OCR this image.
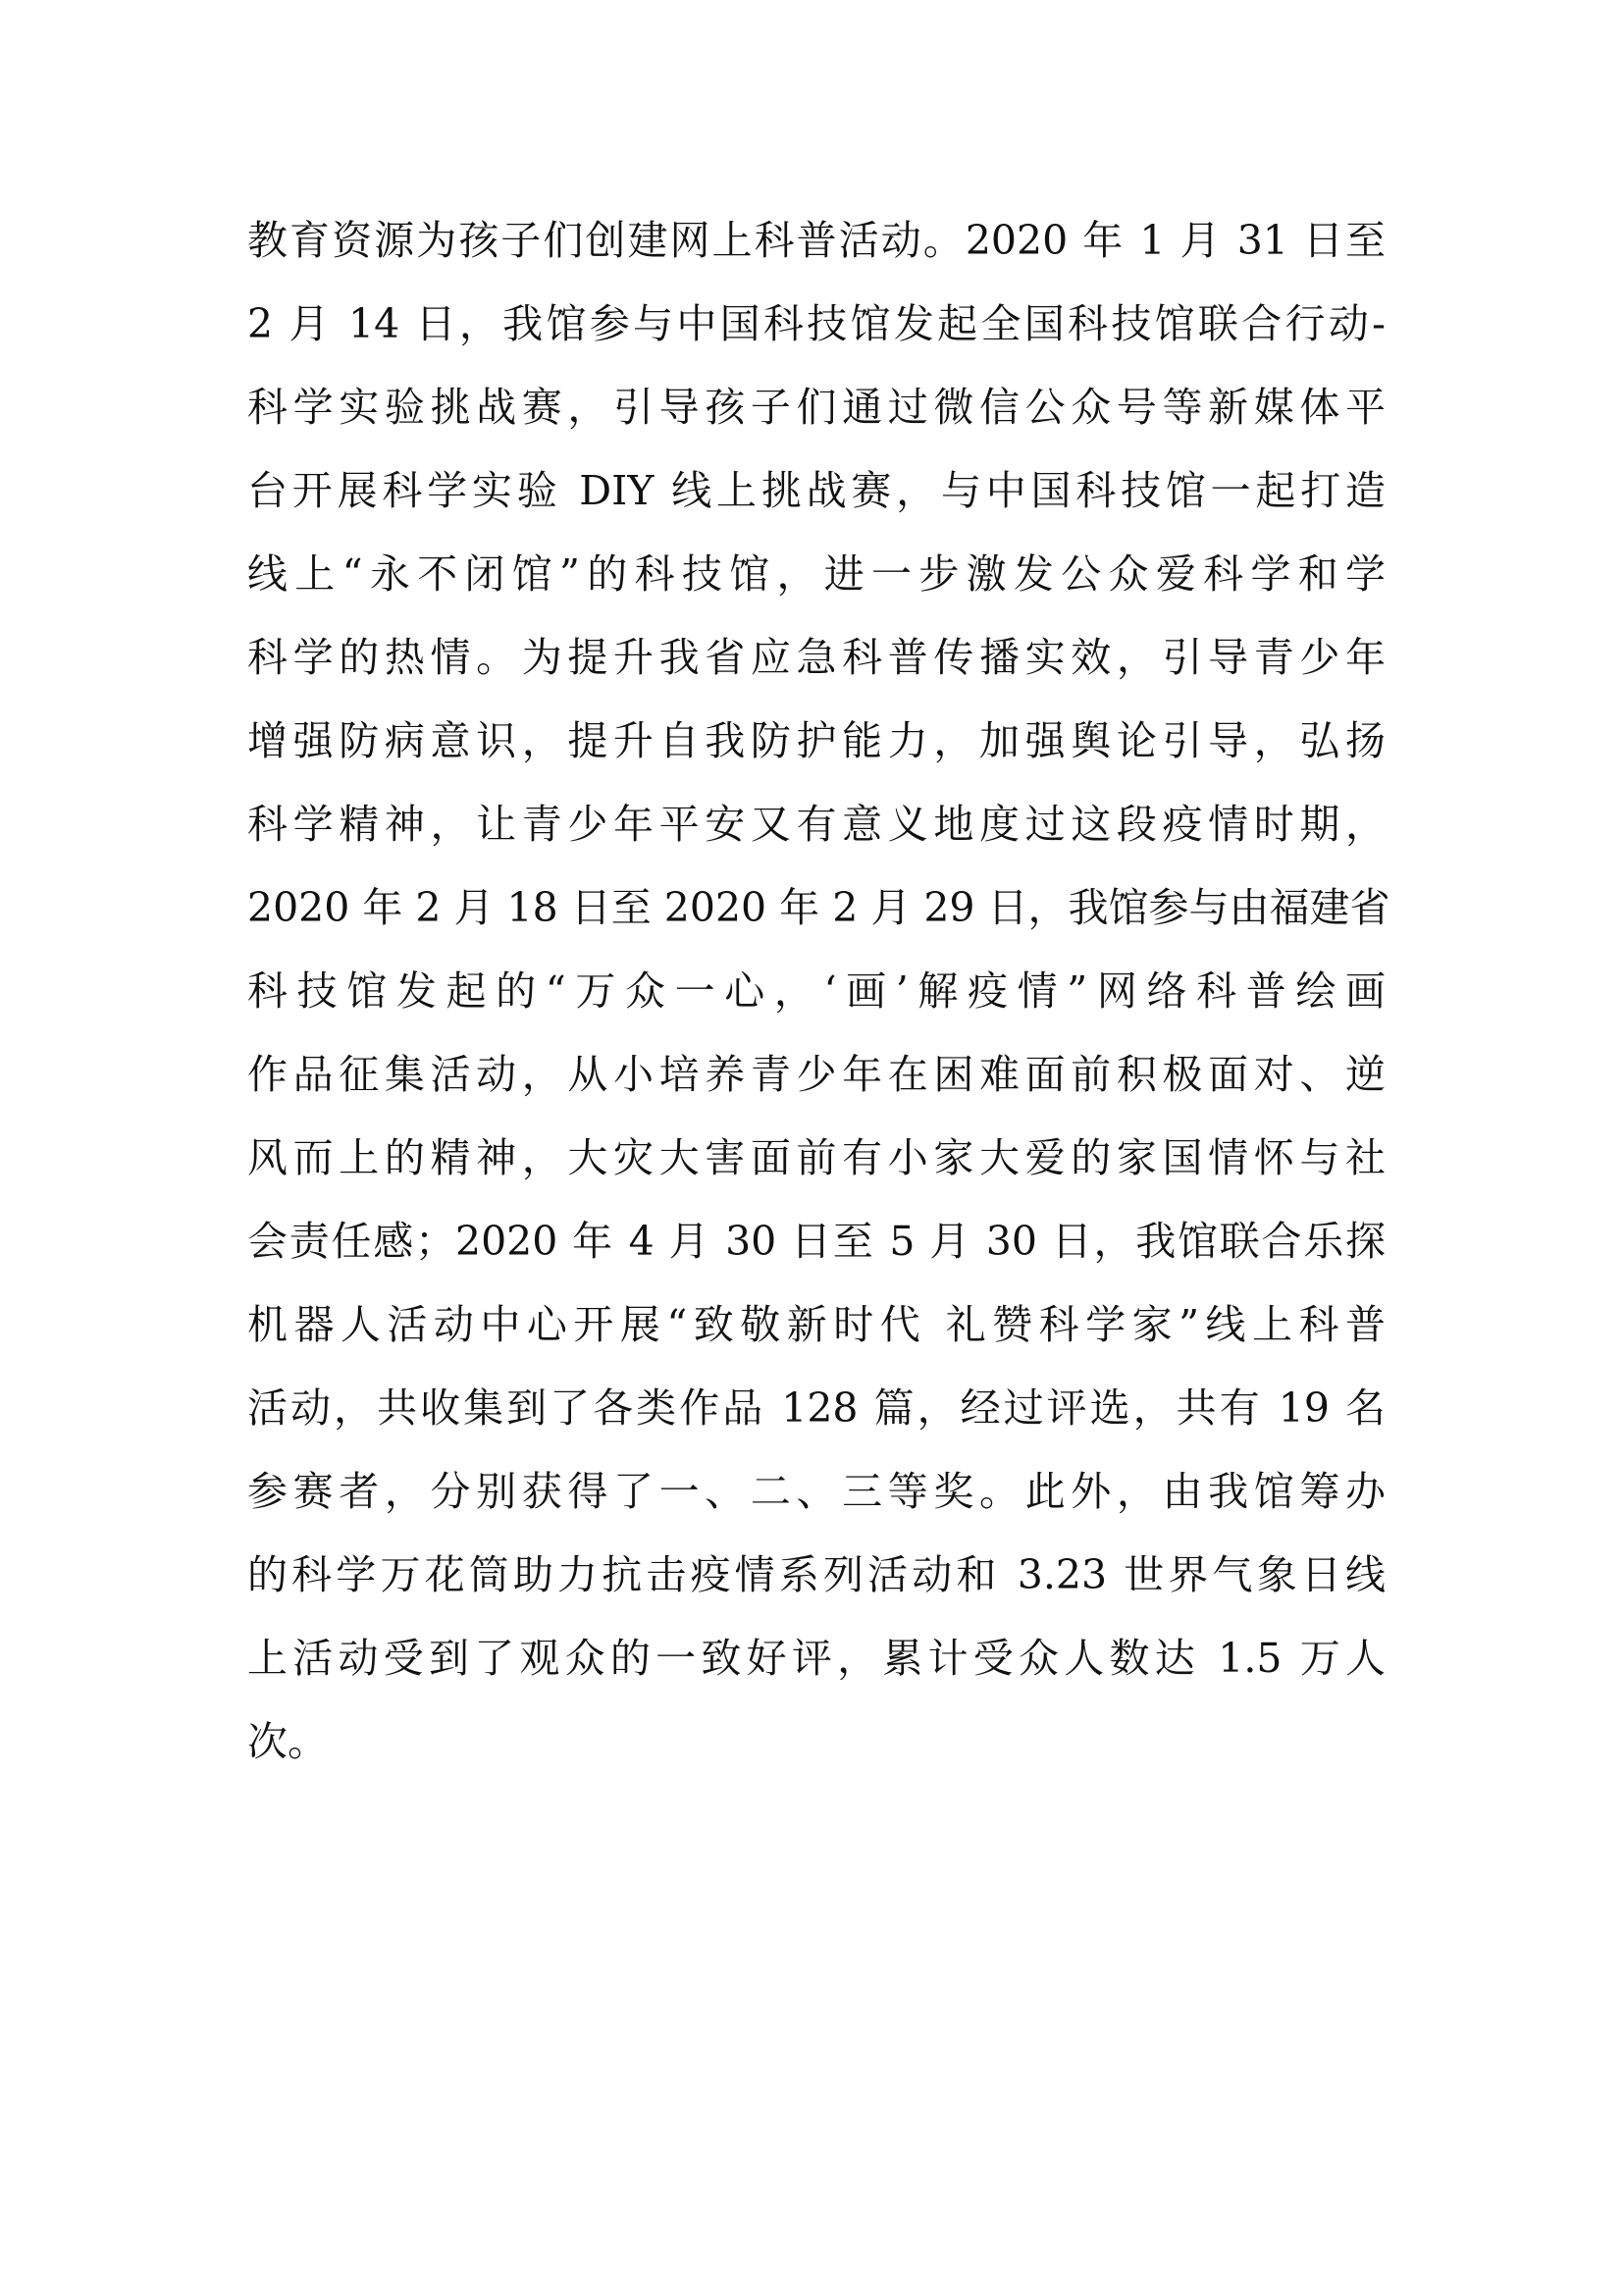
教育资源为孩子们创建网上科普活动。2020 年 1 月 31 日至
2 月 14 日，我馆参与中国科技馆发起全国科技馆联合行动-
科学实验挑战赛，引导孩子们通过微信公众号等新媒体平
台开展科学实验 DIY 线上挑战赛，与中国科技馆一起打造
线上“永不闭馆”的科技馆，进一步激发公众爱科学和学
科学的热情。为提升我省应急科普传播实效，引导青少年
增强防病意识，提升自我防护能力，加强舆论引导，弘扬
科学精神，让青少年平安又有意义地度过这段疫情时期，
2020 年 2 月 18 日至 2020 年 2 月 29 日，我馆参与由福建省
科技馆发起的“万众一心，‘画’解疫情”网络科普绘画
作品征集活动，从小培养青少年在困难面前积极面对、逆
风而上的精神，大灾大害面前有小家大爱的家国情怀与社
会责任感；2020 年 4 月 30 日至 5 月 30 日，我馆联合乐探
机器人活动中心开展“致敬新时代 礼赞科学家”线上科普
活动，共收集到了各类作品 128 篇，经过评选，共有 19 名
参赛者，分别获得了一、二、三等奖。此外，由我馆筹办
的科学万花筒助力抗击疫情系列活动和 3.23 世界气象日线
上活动受到了观众的一致好评，累计受众人数达 1.5 万人
次。
